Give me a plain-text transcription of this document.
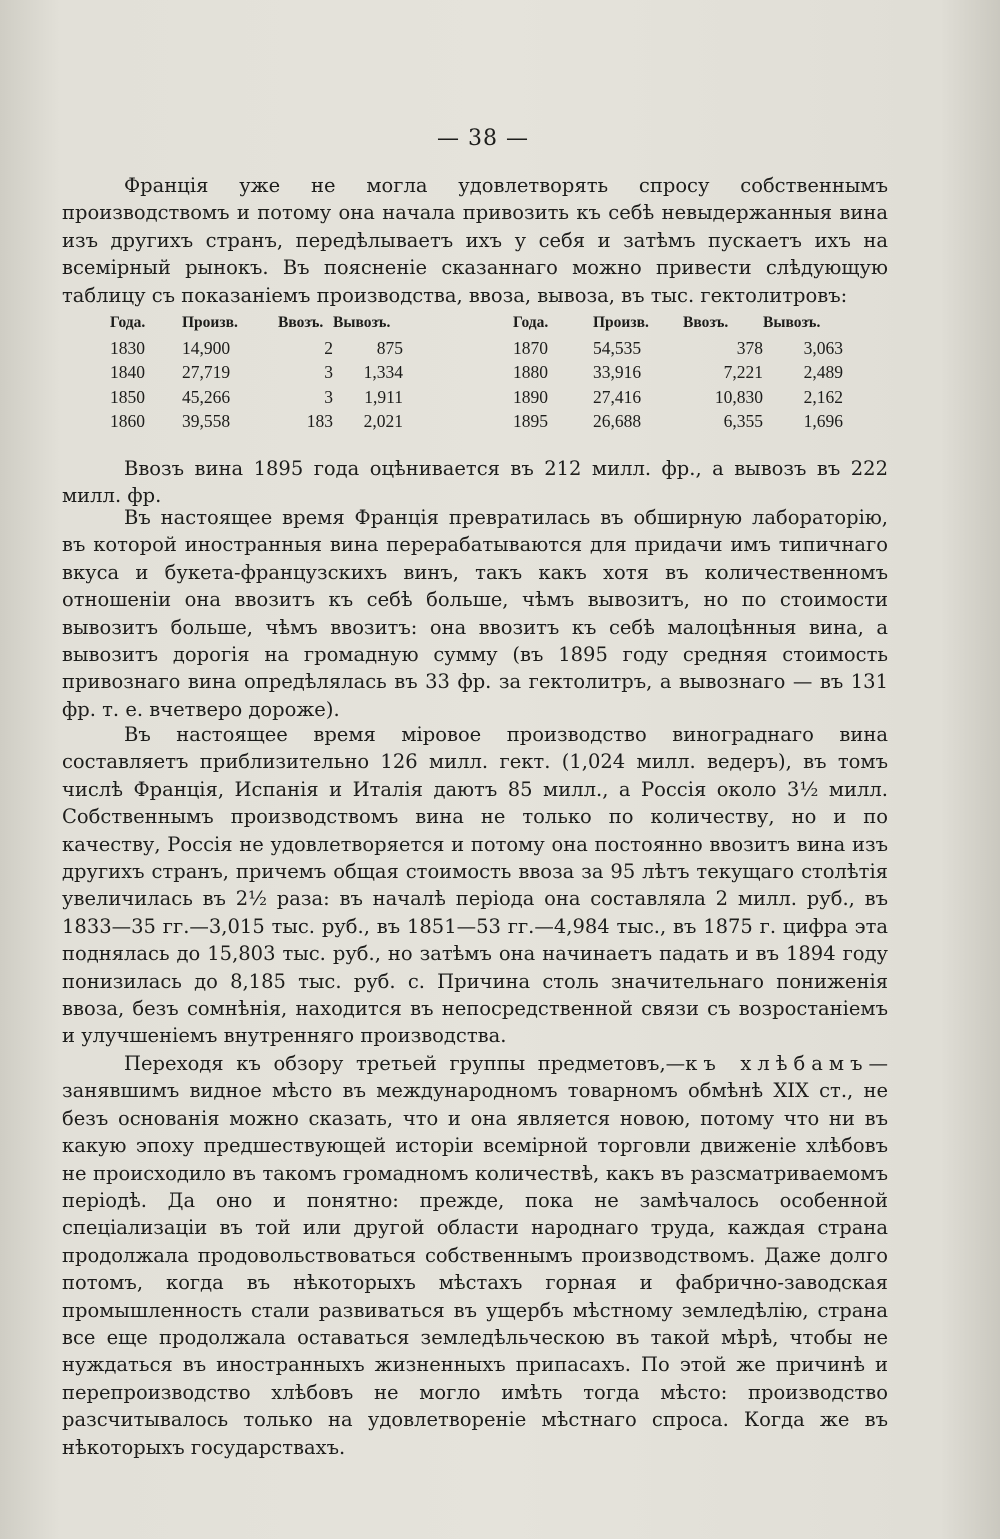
— 38 —

Франція уже не могла удовлетворять спросу собственнымъ производствомъ и потому она начала привозить къ себѣ невыдержанныя вина изъ другихъ странъ, передѣлываетъ ихъ у себя и затѣмъ пускаетъ ихъ на всемірный рынокъ. Въ поясненіе сказаннаго можно привести слѣдующую таблицу съ показаніемъ производства, ввоза, вывоза, въ тыс. гектолитровъ:

Года.	Произв.	Ввозъ.	Вывозъ.		Года.	Произв.	Ввозъ.	Вывозъ.
1830	14,900	2	875		1870	54,535	378	3,063
1840	27,719	3	1,334		1880	33,916	7,221	2,489
1850	45,266	3	1,911		1890	27,416	10,830	2,162
1860	39,558	183	2,021		1895	26,688	6,355	1,696

Ввозъ вина 1895 года оцѣнивается въ 212 милл. фр., а вывозъ въ 222 милл. фр.

Въ настоящее время Франція превратилась въ обширную лабораторію, въ которой иностранныя вина перерабатываются для придачи имъ типичнаго вкуса и букета-французскихъ винъ, такъ какъ хотя въ количественномъ отношеніи она ввозитъ къ себѣ больше, чѣмъ вывозитъ, но по стоимости вывозитъ больше, чѣмъ ввозитъ: она ввозитъ къ себѣ малоцѣнныя вина, а вывозитъ дорогія на громадную сумму (въ 1895 году средняя стоимость привознаго вина опредѣлялась въ 33 фр. за гектолитръ, а вывознаго — въ 131 фр. т. е. вчетверо дороже).

Въ настоящее время міровое производство винограднаго вина составляетъ приблизительно 126 милл. гект. (1,024 милл. ведеръ), въ томъ числѣ Франція, Испанія и Италія даютъ 85 милл., а Россія около 3½ милл. Собственнымъ производствомъ вина не только по количеству, но и по качеству, Россія не удовлетворяется и потому она постоянно ввозитъ вина изъ другихъ странъ, причемъ общая стоимость ввоза за 95 лѣтъ текущаго столѣтія увеличилась въ 2½ раза: въ началѣ періода она составляла 2 милл. руб., въ 1833—35 гг.—3,015 тыс. руб., въ 1851—53 гг.—4,984 тыс., въ 1875 г. цифра эта поднялась до 15,803 тыс. руб., но затѣмъ она начинаетъ падать и въ 1894 году понизилась до 8,185 тыс. руб. с. Причина столь значительнаго пониженія ввоза, безъ сомнѣнія, находится въ непосредственной связи съ возростаніемъ и улучшеніемъ внутренняго производства.

Переходя къ обзору третьей группы предметовъ,—къ хлѣбамъ—занявшимъ видное мѣсто въ международномъ товарномъ обмѣнѣ XIX ст., не безъ основанія можно сказать, что и она является новою, потому что ни въ какую эпоху предшествующей исторіи всемірной торговли движеніе хлѣбовъ не происходило въ такомъ громадномъ количествѣ, какъ въ разсматриваемомъ періодѣ. Да оно и понятно: прежде, пока не замѣчалось особенной спеціализаціи въ той или другой области народнаго труда, каждая страна продолжала продовольствоваться собственнымъ производствомъ. Даже долго потомъ, когда въ нѣкоторыхъ мѣстахъ горная и фабрично-заводская промышленность стали развиваться въ ущербъ мѣстному земледѣлію, страна все еще продолжала оставаться земледѣльческою въ такой мѣрѣ, чтобы не нуждаться въ иностранныхъ жизненныхъ припасахъ. По этой же причинѣ и перепроизводство хлѣбовъ не могло имѣть тогда мѣсто: производство разсчитывалось только на удовлетвореніе мѣстнаго спроса. Когда же въ нѣкоторыхъ государствахъ.
